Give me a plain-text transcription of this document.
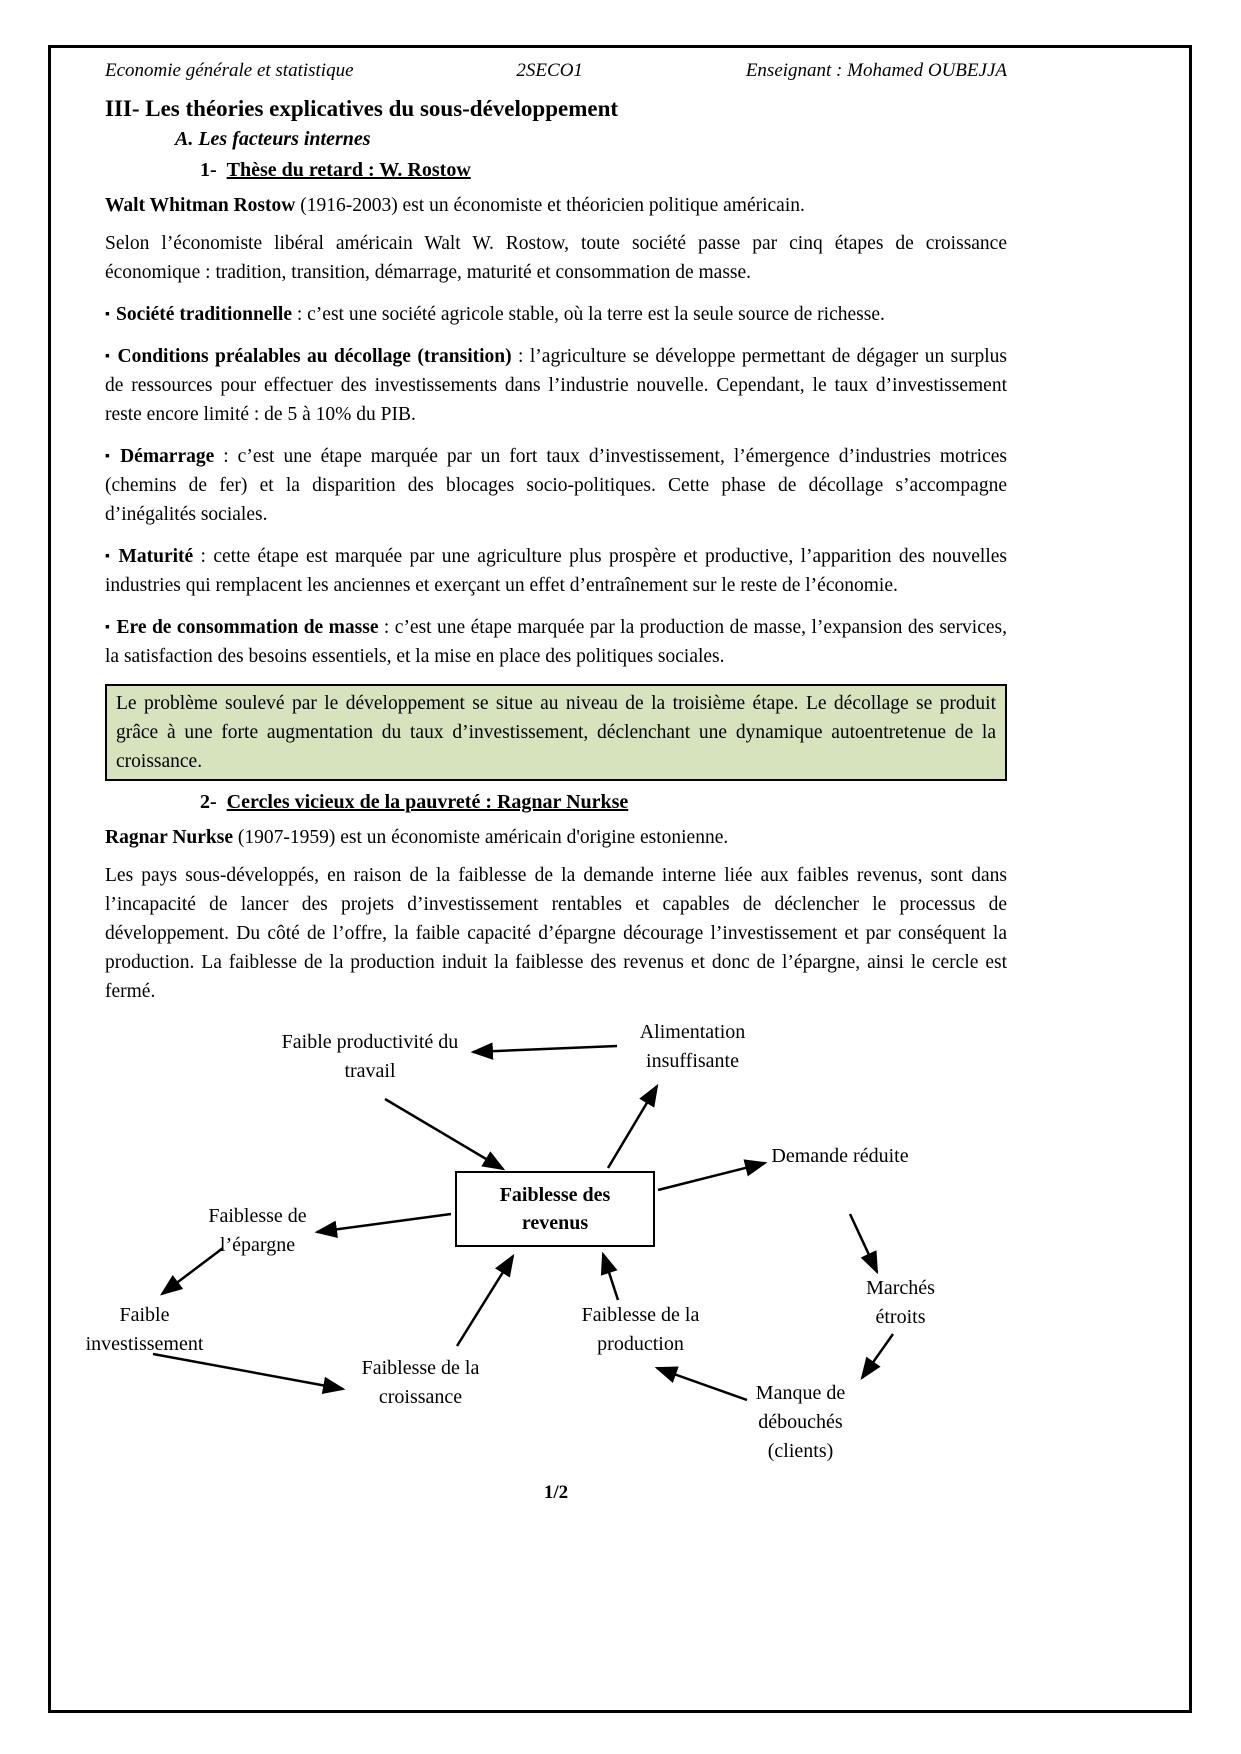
Economie générale et statistique	2SECO1	Enseignant : Mohamed OUBEJJA
III- Les théories explicatives du sous-développement
A. Les facteurs internes
1- Thèse du retard : W. Rostow

Walt Whitman Rostow (1916-2003) est un économiste et théoricien politique américain.

Selon l’économiste libéral américain Walt W. Rostow, toute société passe par cinq étapes de croissance économique : tradition, transition, démarrage, maturité et consommation de masse.

▪ Société traditionnelle : c’est une société agricole stable, où la terre est la seule source de richesse.

▪ Conditions préalables au décollage (transition) : l’agriculture se développe permettant de dégager un surplus de ressources pour effectuer des investissements dans l’industrie nouvelle. Cependant, le taux d’investissement reste encore limité : de 5 à 10% du PIB.

▪ Démarrage : c’est une étape marquée par un fort taux d’investissement, l’émergence d’industries motrices (chemins de fer) et la disparition des blocages socio-politiques. Cette phase de décollage s’accompagne d’inégalités sociales.

▪ Maturité : cette étape est marquée par une agriculture plus prospère et productive, l’apparition des nouvelles industries qui remplacent les anciennes et exerçant un effet d’entraînement sur le reste de l’économie.

▪ Ere de consommation de masse : c’est une étape marquée par la production de masse, l’expansion des services, la satisfaction des besoins essentiels, et la mise en place des politiques sociales.

Le problème soulevé par le développement se situe au niveau de la troisième étape. Le décollage se produit grâce à une forte augmentation du taux d’investissement, déclenchant une dynamique autoentretenue de la croissance.
2- Cercles vicieux de la pauvreté : Ragnar Nurkse

Ragnar Nurkse (1907-1959) est un économiste américain d'origine estonienne.

Les pays sous-développés, en raison de la faiblesse de la demande interne liée aux faibles revenus, sont dans l’incapacité de lancer des projets d’investissement rentables et capables de déclencher le processus de développement. Du côté de l’offre, la faible capacité d’épargne décourage l’investissement et par conséquent la production. La faiblesse de la production induit la faiblesse des revenus et donc de l’épargne, ainsi le cercle est fermé.

Alimentation insuffisante
Faible productivité du travail
Demande réduite
Faiblesse de l’épargne
Marchés étroits
Faible investissement
Faiblesse de la production
Faiblesse de la croissance	Manque de débouchés (clients)
Faiblesse des revenus
1/2
